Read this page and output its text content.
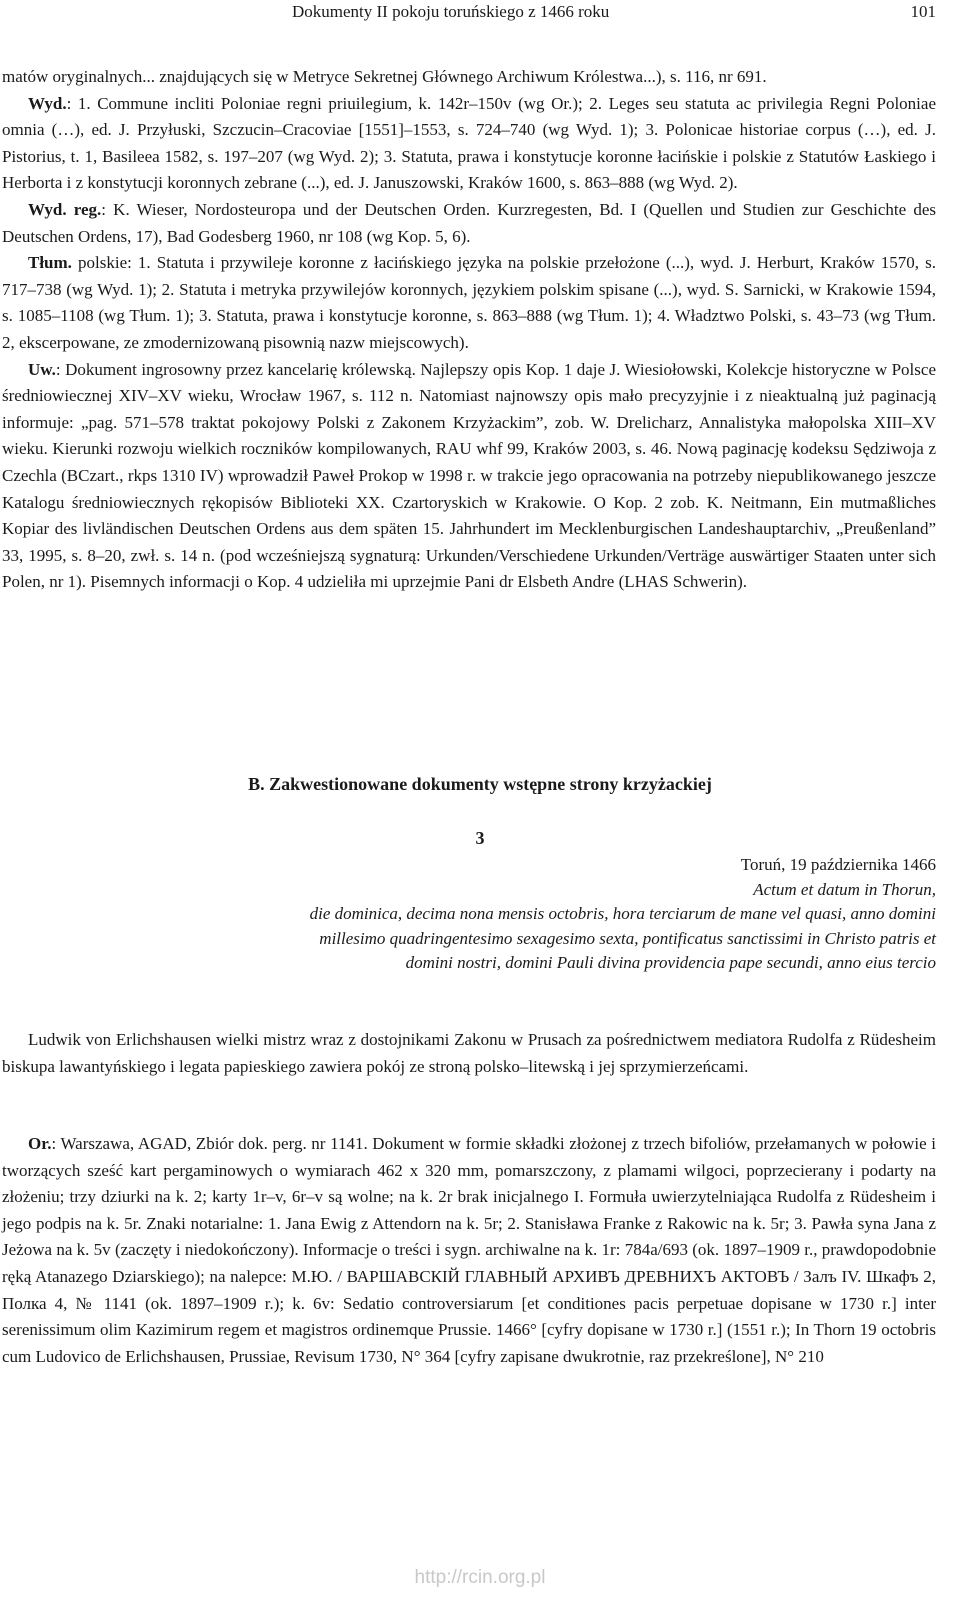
Dokumenty II pokoju toruńskiego z 1466 roku	101

matów oryginalnych... znajdujących się w Metryce Sekretnej Głównego Archiwum Królestwa...), s. 116, nr 691.

Wyd.: 1. Commune incliti Poloniae regni priuilegium, k. 142r–150v (wg Or.); 2. Leges seu statuta ac privilegia Regni Poloniae omnia (…), ed. J. Przyłuski, Szczucin–Cracoviae [1551]–1553, s. 724–740 (wg Wyd. 1); 3. Polonicae historiae corpus (…), ed. J. Pistorius, t. 1, Basileea 1582, s. 197–207 (wg Wyd. 2); 3. Statuta, prawa i konstytucje koronne łacińskie i polskie z Statutów Łaskiego i Herborta i z konstytucji koronnych zebrane (...), ed. J. Januszowski, Kraków 1600, s. 863–888 (wg Wyd. 2).

Wyd. reg.: K. Wieser, Nordosteuropa und der Deutschen Orden. Kurzregesten, Bd. I (Quellen und Studien zur Geschichte des Deutschen Ordens, 17), Bad Godesberg 1960, nr 108 (wg Kop. 5, 6).

Tłum. polskie: 1. Statuta i przywileje koronne z łacińskiego języka na polskie przełożone (...), wyd. J. Herburt, Kraków 1570, s. 717–738 (wg Wyd. 1); 2. Statuta i metryka przywilejów koronnych, językiem polskim spisane (...), wyd. S. Sarnicki, w Krakowie 1594, s. 1085–1108 (wg Tłum. 1); 3. Statuta, prawa i konstytucje koronne, s. 863–888 (wg Tłum. 1); 4. Władztwo Polski, s. 43–73 (wg Tłum. 2, ekscerpowane, ze zmodernizowaną pisownią nazw miejscowych).

Uw.: Dokument ingrosowny przez kancelarię królewską. Najlepszy opis Kop. 1 daje J. Wiesiołowski, Kolekcje historyczne w Polsce średniowiecznej XIV–XV wieku, Wrocław 1967, s. 112 n. Natomiast najnowszy opis mało precyzyjnie i z nieaktualną już paginacją informuje: „pag. 571–578 traktat pokojowy Polski z Zakonem Krzyżackim”, zob. W. Drelicharz, Annalistyka małopolska XIII–XV wieku. Kierunki rozwoju wielkich roczników kompilowanych, RAU whf 99, Kraków 2003, s. 46. Nową paginację kodeksu Sędziwoja z Czechla (BCzart., rkps 1310 IV) wprowadził Paweł Prokop w 1998 r. w trakcie jego opracowania na potrzeby niepublikowanego jeszcze Katalogu średniowiecznych rękopisów Biblioteki XX. Czartoryskich w Krakowie. O Kop. 2 zob. K. Neitmann, Ein mutmaßliches Kopiar des livländischen Deutschen Ordens aus dem späten 15. Jahrhundert im Mecklenburgischen Landeshauptarchiv, „Preußenland” 33, 1995, s. 8–20, zwł. s. 14 n. (pod wcześniejszą sygnaturą: Urkunden/Verschiedene Urkunden/Verträge auswärtiger Staaten unter sich Polen, nr 1). Pisemnych informacji o Kop. 4 udzieliła mi uprzejmie Pani dr Elsbeth Andre (LHAS Schwerin).

B. Zakwestionowane dokumenty wstępne strony krzyżackiej
3
Toruń, 19 października 1466
Actum et datum in Thorun,
die dominica, decima nona mensis octobris, hora terciarum de mane vel quasi, anno domini
millesimo quadringentesimo sexagesimo sexta, pontificatus sanctissimi in Christo patris et
domini nostri, domini Pauli divina providencia pape secundi, anno eius tercio

Ludwik von Erlichshausen wielki mistrz wraz z dostojnikami Zakonu w Prusach za pośrednictwem mediatora Rudolfa z Rüdesheim biskupa lawantyńskiego i legata papieskiego zawiera pokój ze stroną polsko–litewską i jej sprzymierzeńcami.

Or.: Warszawa, AGAD, Zbiór dok. perg. nr 1141. Dokument w formie składki złożonej z trzech bifoliów, przełamanych w połowie i tworzących sześć kart pergaminowych o wymiarach 462 x 320 mm, pomarszczony, z plamami wilgoci, poprzecierany i podarty na złożeniu; trzy dziurki na k. 2; karty 1r–v, 6r–v są wolne; na k. 2r brak inicjalnego I. Formuła uwierzytelniająca Rudolfa z Rüdesheim i jego podpis na k. 5r. Znaki notarialne: 1. Jana Ewig z Attendorn na k. 5r; 2. Stanisława Franke z Rakowic na k. 5r; 3. Pawła syna Jana z Jeżowa na k. 5v (zaczęty i niedokończony). Informacje o treści i sygn. archiwalne na k. 1r: 784a/693 (ok. 1897–1909 r., prawdopodobnie ręką Atanazego Dziarskiego); na nalepce: М.Ю. / ВАРШАВСКІЙ ГЛАВНЫЙ АРХИВЪ ДРЕВНИХЪ АКТОВЪ / Залъ IV. Шкафъ 2, Полка 4, № 1141 (ok. 1897–1909 r.); k. 6v: Sedatio controversiarum [et conditiones pacis perpetuae dopisane w 1730 r.] inter serenissimum olim Kazimirum regem et magistros ordinemque Prussie. 1466° [cyfry dopisane w 1730 r.] (1551 r.); In Thorn 19 octobris cum Ludovico de Erlichshausen, Prussiae, Revisum 1730, N° 364 [cyfry zapisane dwukrotnie, raz przekreślone], N° 210

http://rcin.org.pl
